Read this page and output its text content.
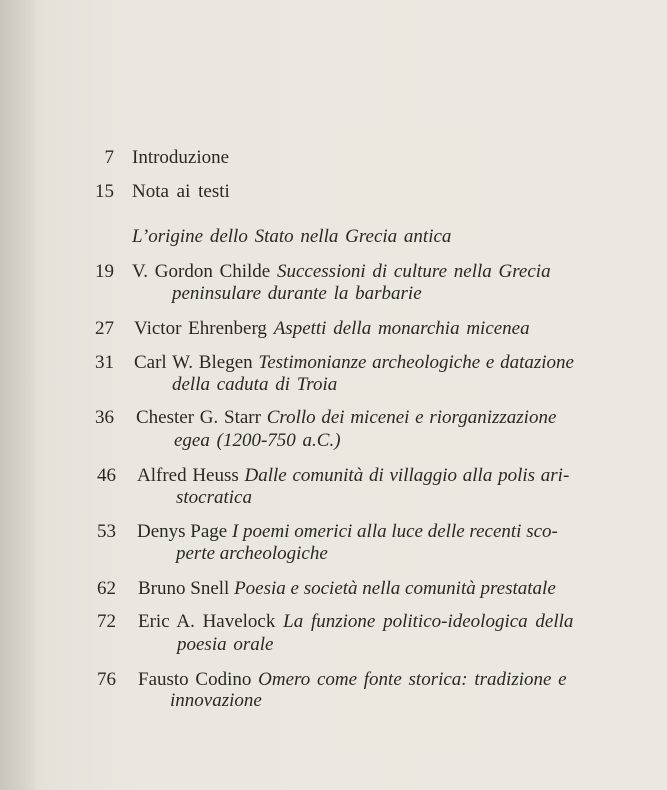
7 Introduzione
15 Nota ai testi
L’origine dello Stato nella Grecia antica
19 V. Gordon Childe Successioni di culture nella Grecia
peninsulare durante la barbarie
27 Victor Ehrenberg Aspetti della monarchia micenea
31 Carl W. Blegen Testimonianze archeologiche e datazione
della caduta di Troia
36 Chester G. Starr Crollo dei micenei e riorganizzazione
egea (1200-750 a.C.)
46 Alfred Heuss Dalle comunità di villaggio alla polis ari-
stocratica
53 Denys Page I poemi omerici alla luce delle recenti sco-
perte archeologiche
62 Bruno Snell Poesia e società nella comunità prestatale
72 Eric A. Havelock La funzione politico-ideologica della
poesia orale
76 Fausto Codino Omero come fonte storica: tradizione e
innovazione
